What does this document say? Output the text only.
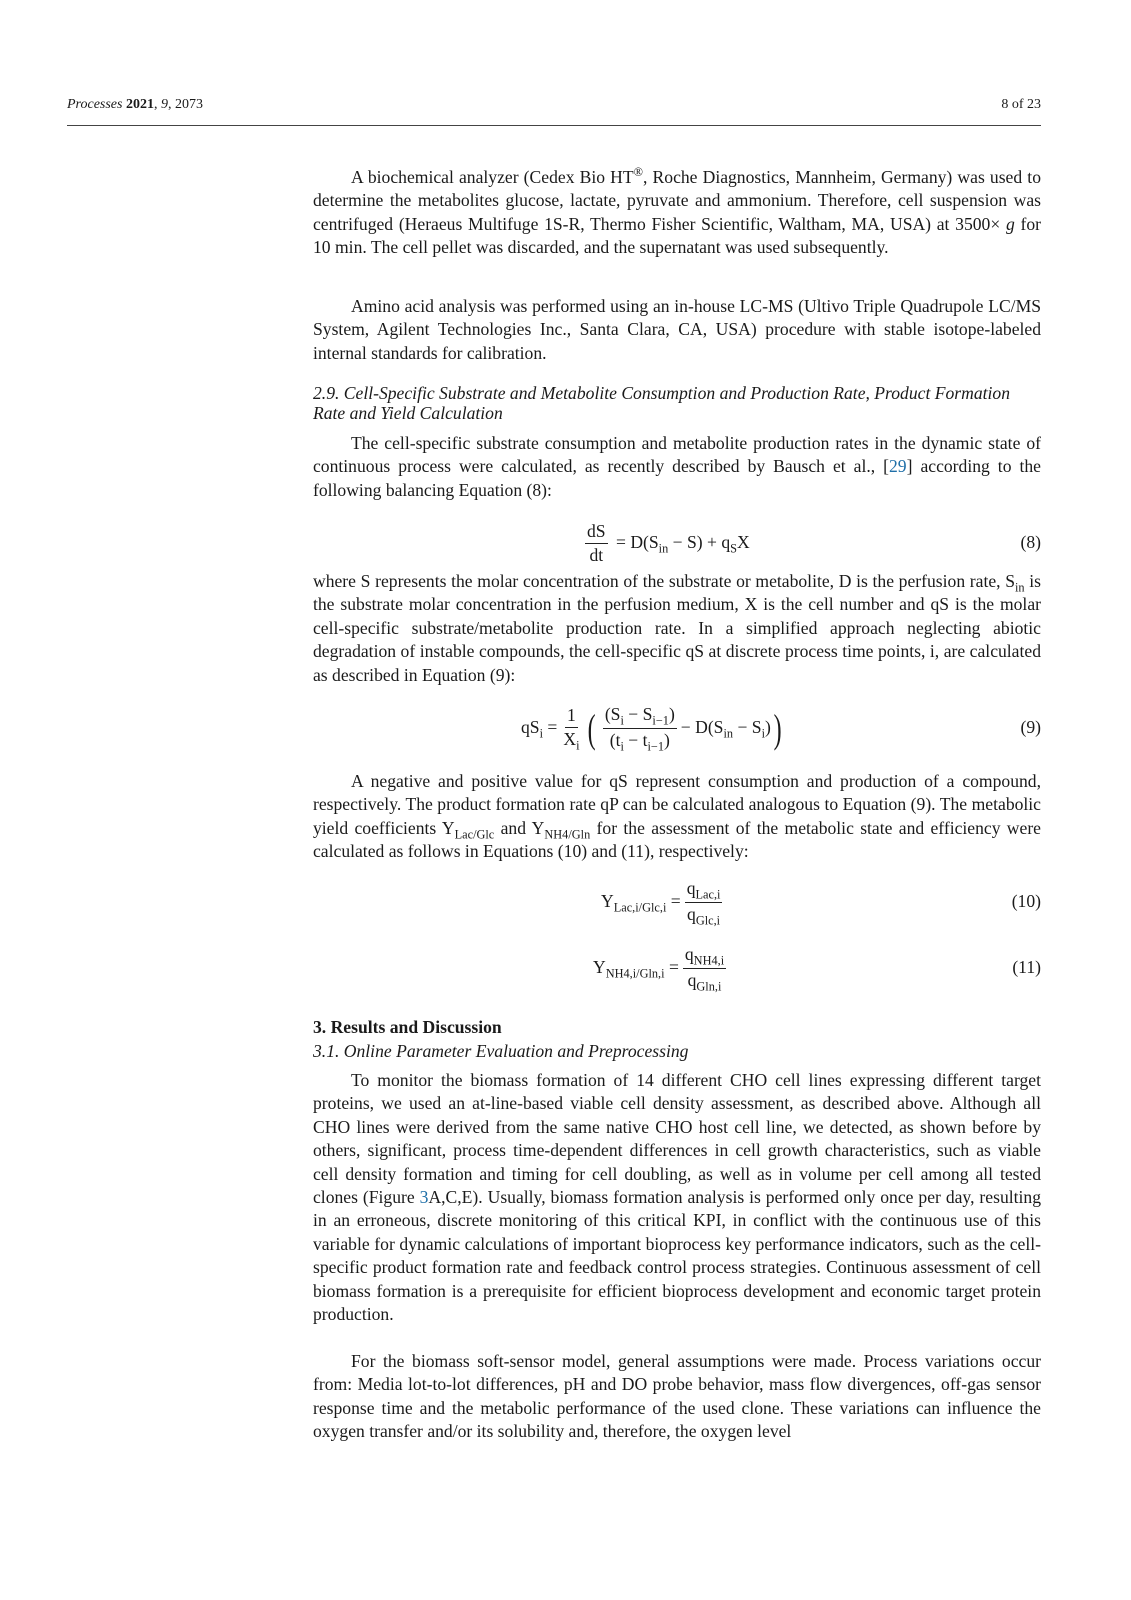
Processes 2021, 9, 2073	8 of 23

A biochemical analyzer (Cedex Bio HT®, Roche Diagnostics, Mannheim, Germany) was used to determine the metabolites glucose, lactate, pyruvate and ammonium. Therefore, cell suspension was centrifuged (Heraeus Multifuge 1S-R, Thermo Fisher Scientific, Waltham, MA, USA) at 3500× g for 10 min. The cell pellet was discarded, and the supernatant was used subsequently.

Amino acid analysis was performed using an in-house LC-MS (Ultivo Triple Quadrupole LC/MS System, Agilent Technologies Inc., Santa Clara, CA, USA) procedure with stable isotope-labeled internal standards for calibration.

2.9. Cell-Specific Substrate and Metabolite Consumption and Production Rate, Product Formation Rate and Yield Calculation

The cell-specific substrate consumption and metabolite production rates in the dynamic state of continuous process were calculated, as recently described by Bausch et al., [29] according to the following balancing Equation (8):

$\frac{dS}{dt} = D(S_{in} - S) + q_SX$	(8)

where S represents the molar concentration of the substrate or metabolite, D is the perfusion rate, $S_{in}$ is the substrate molar concentration in the perfusion medium, X is the cell number and qS is the molar cell-specific substrate/metabolite production rate. In a simplified approach neglecting abiotic degradation of instable compounds, the cell-specific qS at discrete process time points, i, are calculated as described in Equation (9):

$qS_i = \frac{1}{X_i}$ ( $\frac{(S_i - S_{i-1})}{(t_i - t_{i-1})} - D(S_{in} - S_i)$ )	(9)

A negative and positive value for qS represent consumption and production of a compound, respectively. The product formation rate qP can be calculated analogous to Equation (9). The metabolic yield coefficients $Y_{Lac/Glc}$ and $Y_{NH4/Gln}$ for the assessment of the metabolic state and efficiency were calculated as follows in Equations (10) and (11), respectively:

$Y_{Lac,i/Glc,i} = \frac{q_{Lac,i}}{q_{Glc,i}}$	(10)
$Y_{NH4,i/Gln,i} = \frac{q_{NH4,i}}{q_{Gln,i}}$	(11)
3. Results and Discussion
3.1. Online Parameter Evaluation and Preprocessing

To monitor the biomass formation of 14 different CHO cell lines expressing different target proteins, we used an at-line-based viable cell density assessment, as described above. Although all CHO lines were derived from the same native CHO host cell line, we detected, as shown before by others, significant, process time-dependent differences in cell growth characteristics, such as viable cell density formation and timing for cell doubling, as well as in volume per cell among all tested clones (Figure 3A,C,E). Usually, biomass formation analysis is performed only once per day, resulting in an erroneous, discrete monitoring of this critical KPI, in conflict with the continuous use of this variable for dynamic calculations of important bioprocess key performance indicators, such as the cell-specific product formation rate and feedback control process strategies. Continuous assessment of cell biomass formation is a prerequisite for efficient bioprocess development and economic target protein production.

For the biomass soft-sensor model, general assumptions were made. Process variations occur from: Media lot-to-lot differences, pH and DO probe behavior, mass flow divergences, off-gas sensor response time and the metabolic performance of the used clone. These variations can influence the oxygen transfer and/or its solubility and, therefore, the oxygen level
